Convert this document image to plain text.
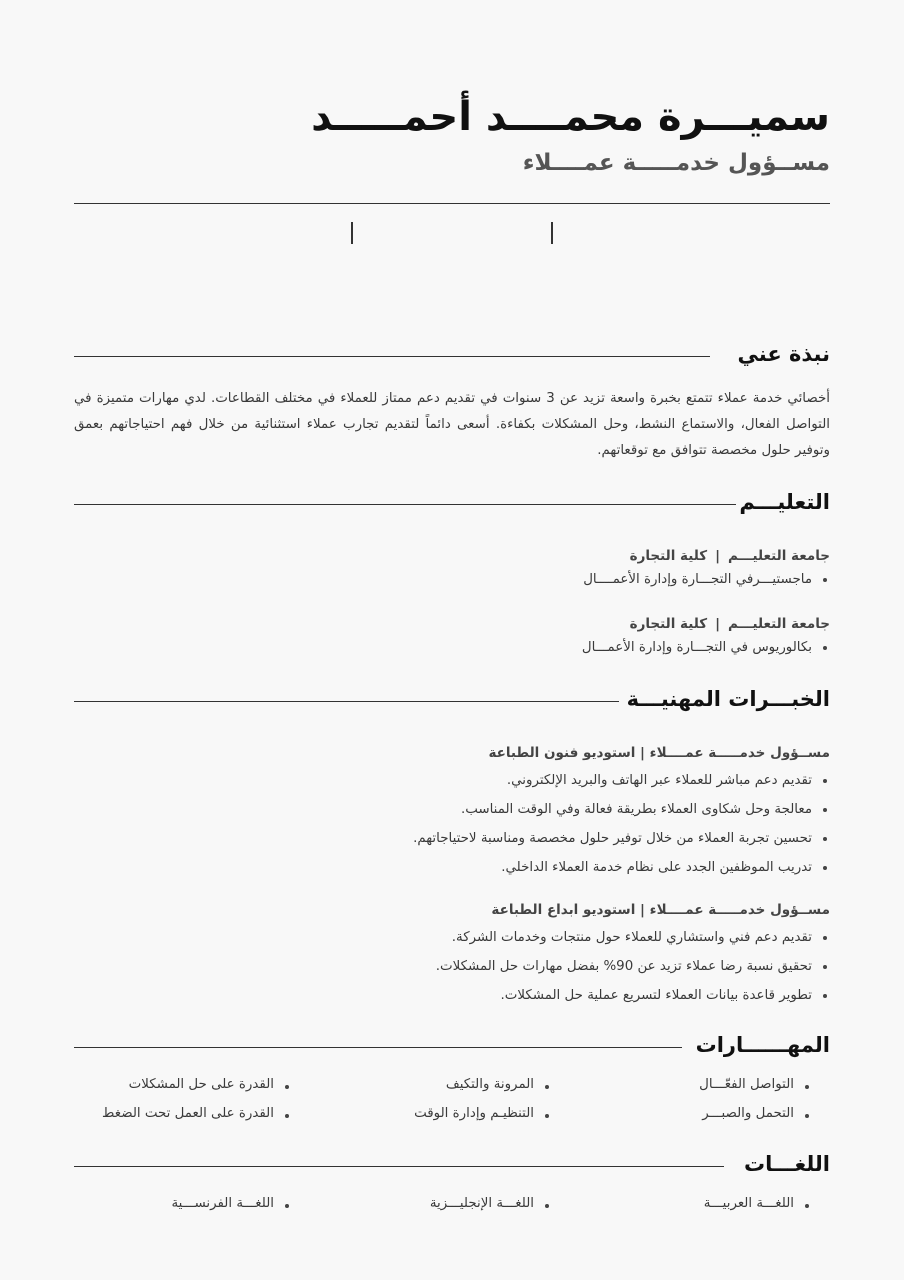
سميـــرة محمــــد أحمـــــد
مســؤول خدمـــــة عمــــلاء
نبذة عني

أخصائي خدمة عملاء تتمتع بخبرة واسعة تزيد عن 3 سنوات في تقديم دعم ممتاز للعملاء في مختلف القطاعات. لدي مهارات متميزة في التواصل الفعال، والاستماع النشط، وحل المشكلات بكفاءة. أسعى دائماً لتقديم تجارب عملاء استثنائية من خلال فهم احتياجاتهم بعمق وتوفير حلول مخصصة تتوافق مع توقعاتهم.

التعليـــم
جامعة التعليـــم|كلية التجارة
ماجستيـــرفي التجـــارة وإدارة الأعمــــال
جامعة التعليـــم|كلية التجارة
بكالوريوس في التجـــارة وإدارة الأعمـــال
الخبـــرات المهنيـــة
مســؤول خدمـــــة عمــــلاء | استوديو فنون الطباعة
تقديم دعم مباشر للعملاء عبر الهاتف والبريد الإلكتروني.
معالجة وحل شكاوى العملاء بطريقة فعالة وفي الوقت المناسب.
تحسين تجربة العملاء من خلال توفير حلول مخصصة ومناسبة لاحتياجاتهم.
تدريب الموظفين الجدد على نظام خدمة العملاء الداخلي.
مســؤول خدمـــــة عمــــلاء | استوديو ابداع الطباعة
تقديم دعم فني واستشاري للعملاء حول منتجات وخدمات الشركة.
تحقيق نسبة رضا عملاء تزيد عن 90% بفضل مهارات حل المشكلات.
تطوير قاعدة بيانات العملاء لتسريع عملية حل المشكلات.
المهــــــارات
التواصل الفعّـــال
المرونة والتكيف
القدرة على حل المشكلات
التحمل والصبـــر
التنظيـم وإدارة الوقت
القدرة على العمل تحت الضغط
اللغـــات
اللغـــة العربيـــة
اللغـــة الإنجليـــزية
اللغـــة الفرنســـية
